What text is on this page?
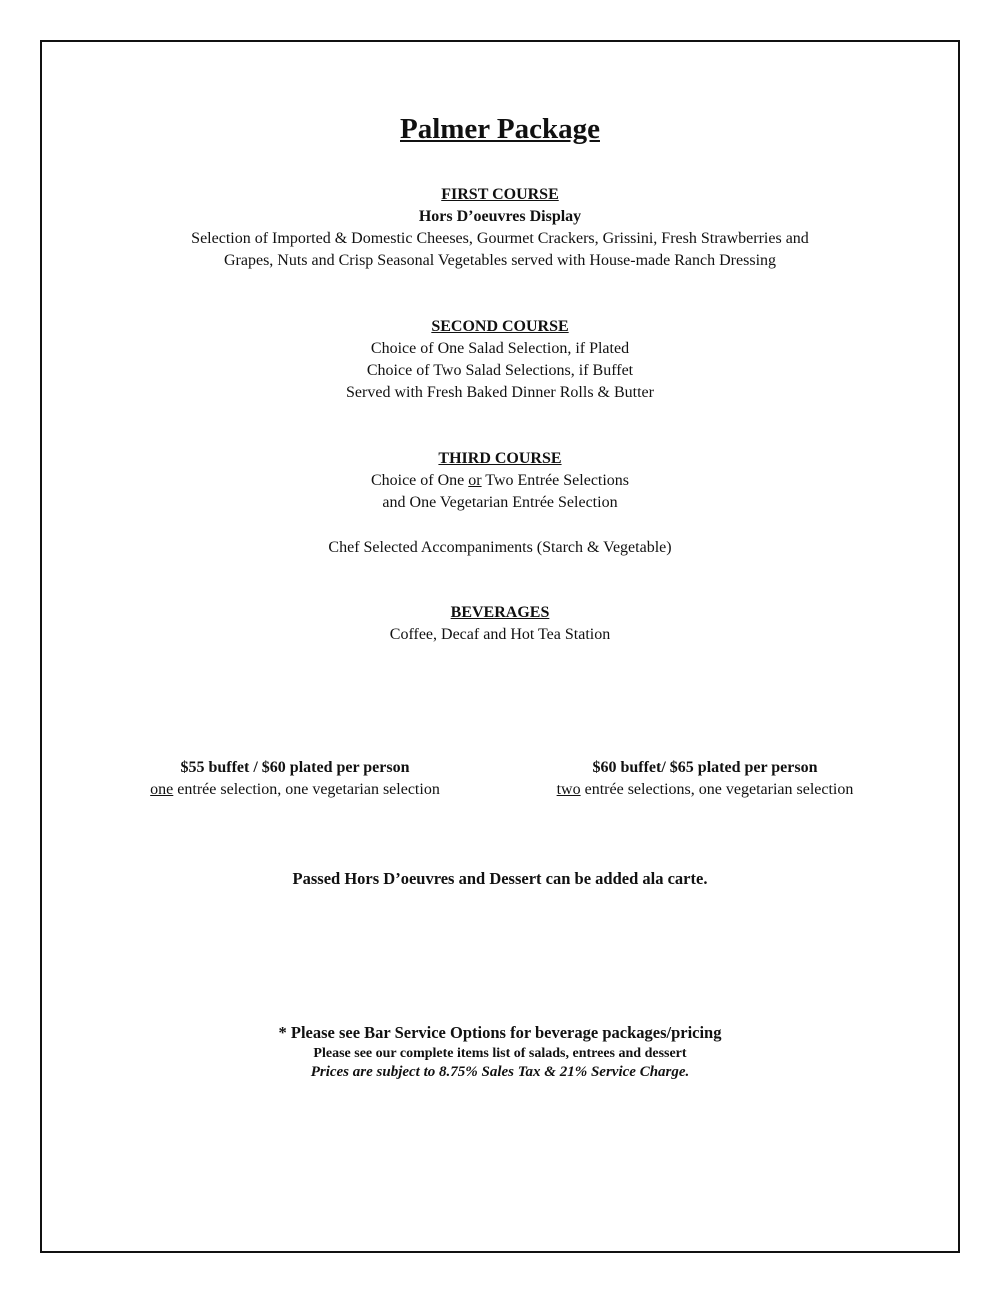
Palmer Package
FIRST COURSE
Hors D’oeuvres Display
Selection of Imported & Domestic Cheeses, Gourmet Crackers, Grissini, Fresh Strawberries and
Grapes, Nuts and Crisp Seasonal Vegetables served with House-made Ranch Dressing
SECOND COURSE
Choice of One Salad Selection, if Plated
Choice of Two Salad Selections, if Buffet
Served with Fresh Baked Dinner Rolls & Butter
THIRD COURSE
Choice of One or Two Entrée Selections
and One Vegetarian Entrée Selection
Chef Selected Accompaniments (Starch & Vegetable)
BEVERAGES
Coffee, Decaf and Hot Tea Station
$55 buffet / $60 plated per person
one entrée selection, one vegetarian selection
$60 buffet/ $65 plated per person
two entrée selections, one vegetarian selection
Passed Hors D’oeuvres and Dessert can be added ala carte.
* Please see Bar Service Options for beverage packages/pricing
Please see our complete items list of salads, entrees and dessert
Prices are subject to 8.75% Sales Tax & 21% Service Charge.
